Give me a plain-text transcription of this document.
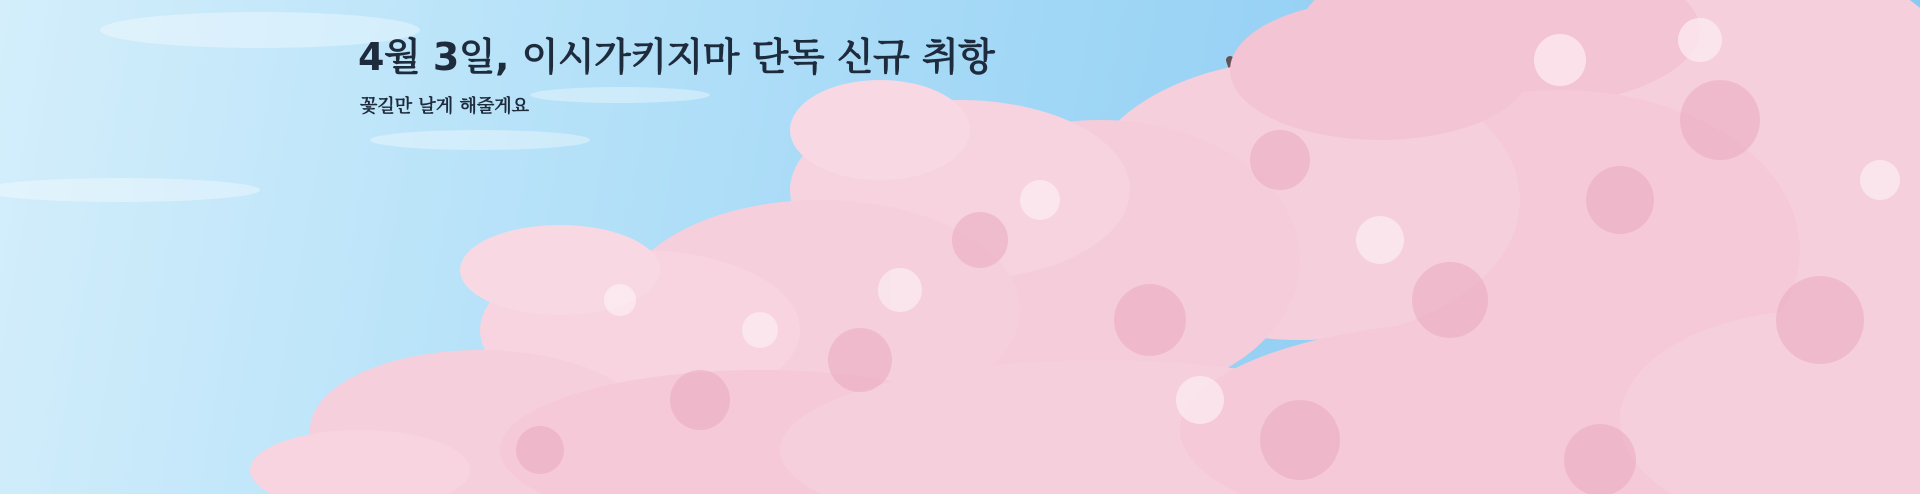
4월 3일, 이시가키지마 단독 신규 취항

꽃길만 날게 해줄게요
